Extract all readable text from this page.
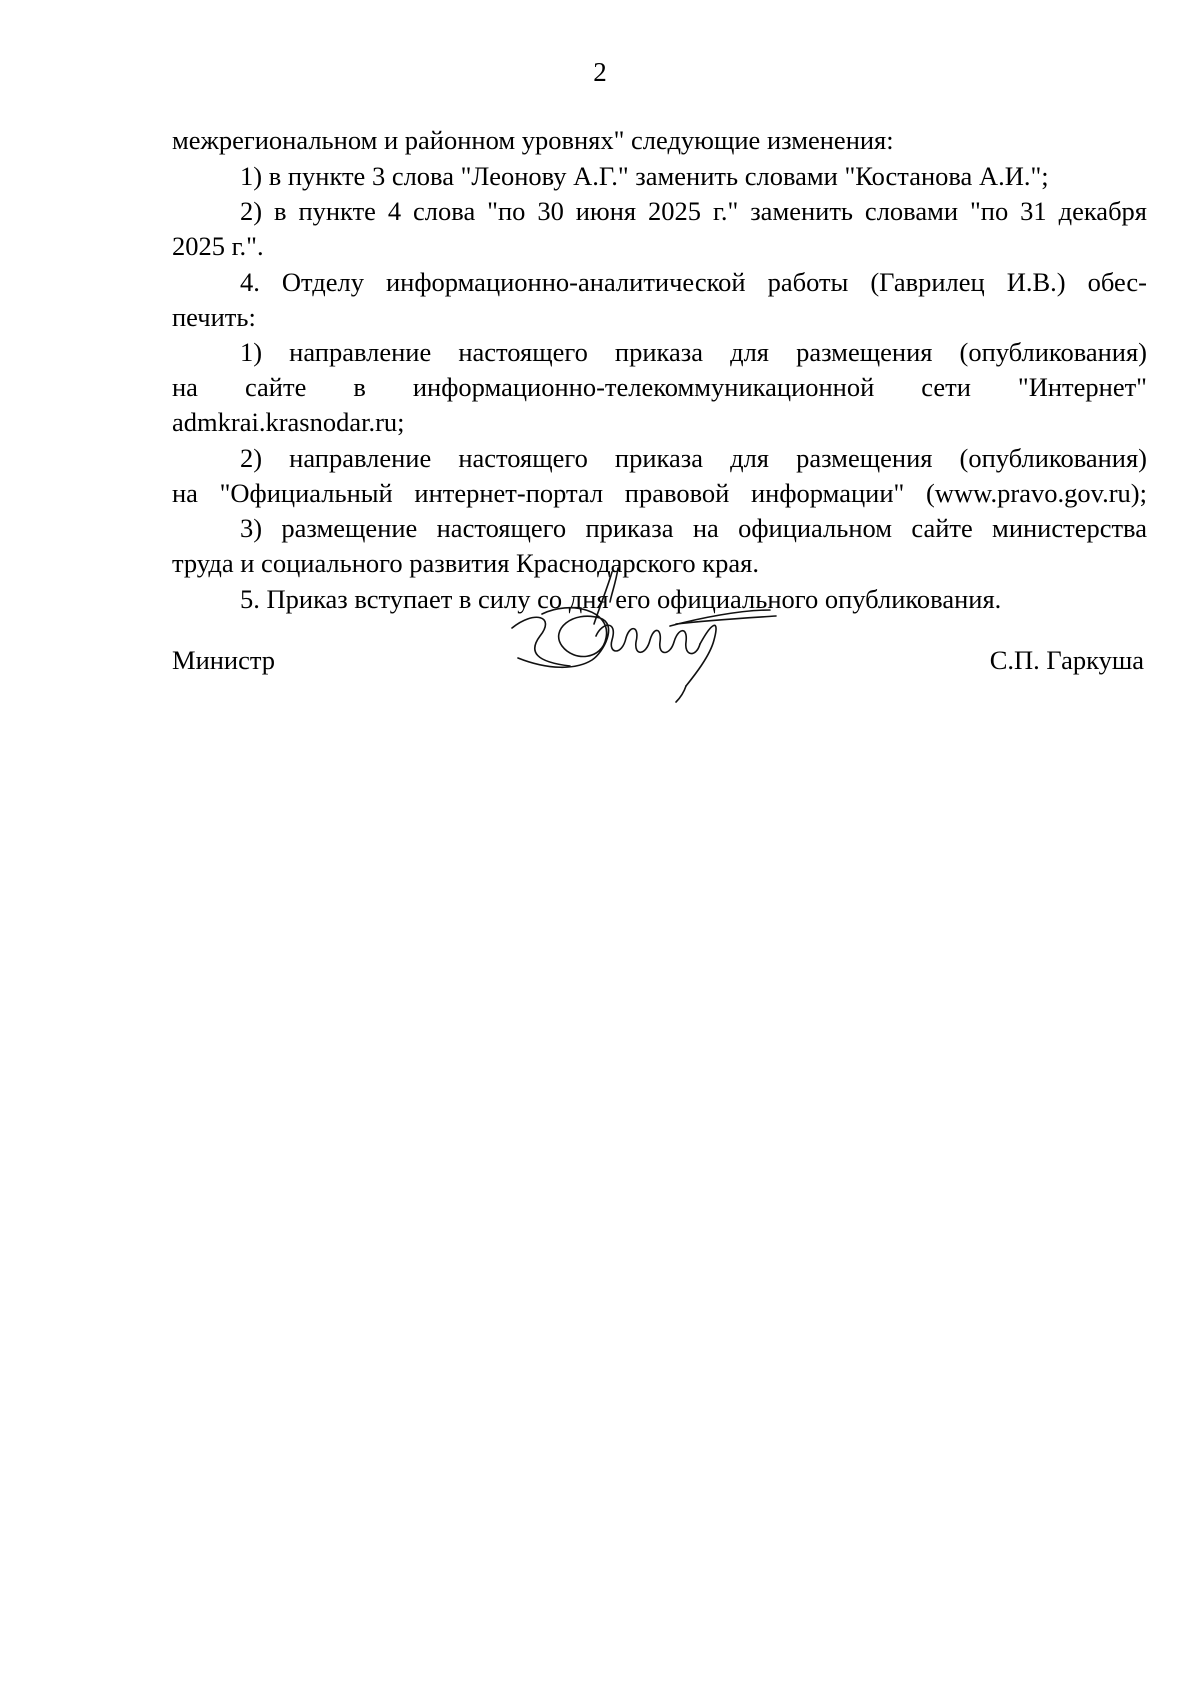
2
межрегиональном и районном уровнях" следующие изменения:
1) в пункте 3 слова "Леонову А.Г." заменить словами "Костанова А.И.";
2) в пункте 4 слова "по 30 июня 2025 г." заменить словами "по 31 декабря
2025 г.".
4. Отделу информационно-аналитической работы (Гаврилец И.В.) обес-
печить:
1) направление настоящего приказа для размещения (опубликования)
на сайте в информационно-телекоммуникационной сети "Интернет"
admkrai.krasnodar.ru;
2) направление настоящего приказа для размещения (опубликования)
на "Официальный интернет-портал правовой информации" (www.pravo.gov.ru);
3) размещение настоящего приказа на официальном сайте министерства
труда и социального развития Краснодарского края.
5. Приказ вступает в силу со дня его официального опубликования.
Министр	С.П. Гаркуша
